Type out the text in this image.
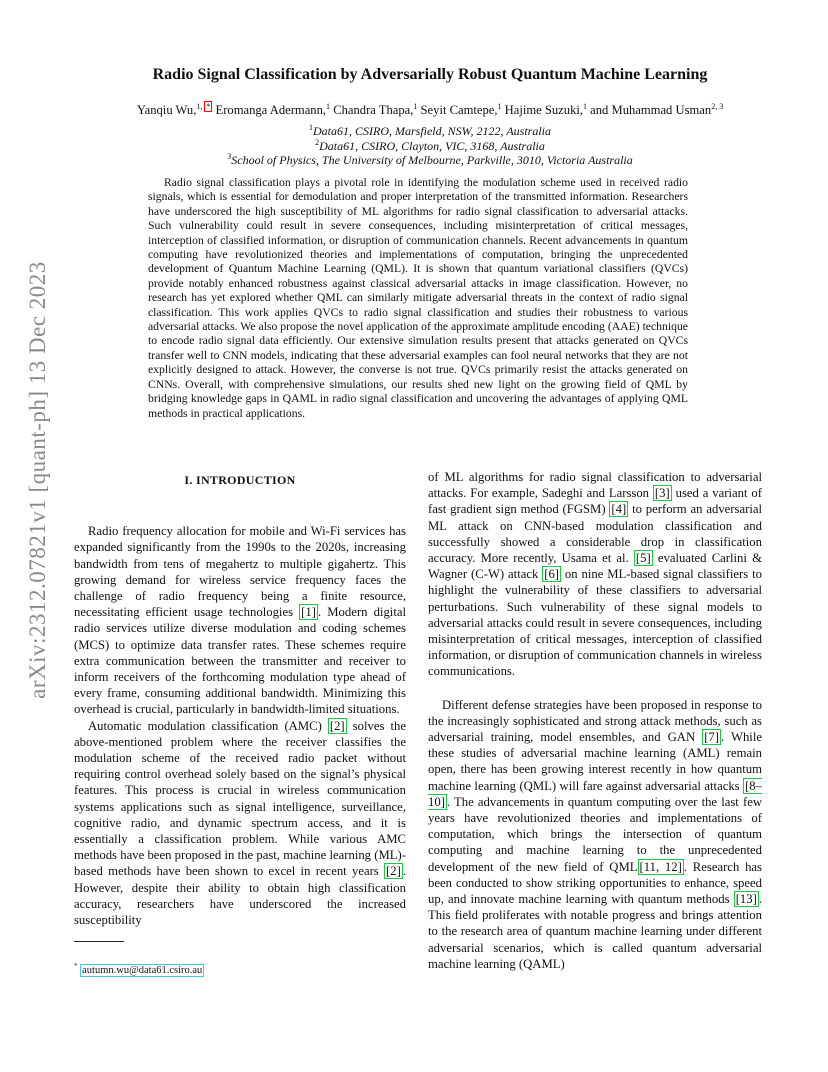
arXiv:2312.07821v1 [quant-ph] 13 Dec 2023
Radio Signal Classification by Adversarially Robust Quantum Machine Learning
Yanqiu Wu,$^{1, *}$ Eromanga Adermann,$^1$ Chandra Thapa,$^1$ Seyit Camtepe,$^1$ Hajime Suzuki,$^1$ and Muhammad Usman$^{2, 3}$
$^1$Data61, CSIRO, Marsfield, NSW, 2122, Australia
$^2$Data61, CSIRO, Clayton, VIC, 3168, Australia
$^3$School of Physics, The University of Melbourne, Parkville, 3010, Victoria Australia
Radio signal classification plays a pivotal role in identifying the modulation scheme used in received radio signals, which is essential for demodulation and proper interpretation of the transmitted information. Researchers have underscored the high susceptibility of ML algorithms for radio signal classification to adversarial attacks. Such vulnerability could result in severe consequences, including misinterpretation of critical messages, interception of classified information, or disruption of communication channels. Recent advancements in quantum computing have revolutionized theories and implementations of computation, bringing the unprecedented development of Quantum Machine Learning (QML). It is shown that quantum variational classifiers (QVCs) provide notably enhanced robustness against classical adversarial attacks in image classification. However, no research has yet explored whether QML can similarly mitigate adversarial threats in the context of radio signal classification. This work applies QVCs to radio signal classification and studies their robustness to various adversarial attacks. We also propose the novel application of the approximate amplitude encoding (AAE) technique to encode radio signal data efficiently. Our extensive simulation results present that attacks generated on QVCs transfer well to CNN models, indicating that these adversarial examples can fool neural networks that they are not explicitly designed to attack. However, the converse is not true. QVCs primarily resist the attacks generated on CNNs. Overall, with comprehensive simulations, our results shed new light on the growing field of QML by bridging knowledge gaps in QAML in radio signal classification and uncovering the advantages of applying QML methods in practical applications.
I. INTRODUCTION

Radio frequency allocation for mobile and Wi-Fi services has expanded significantly from the 1990s to the 2020s, increasing bandwidth from tens of megahertz to multiple gigahertz. This growing demand for wireless service frequency faces the challenge of radio frequency being a finite resource, necessitating efficient usage technologies [1] . Modern digital radio services utilize diverse modulation and coding schemes (MCS) to optimize data transfer rates. These schemes require extra communication between the transmitter and receiver to inform receivers of the forthcoming modulation type ahead of every frame, consuming additional bandwidth. Minimizing this overhead is crucial, particularly in bandwidth-limited situations.

Automatic modulation classification (AMC) [2] solves the above-mentioned problem where the receiver classifies the modulation scheme of the received radio packet without requiring control overhead solely based on the signal’s physical features. This process is crucial in wireless communication systems applications such as signal intelligence, surveillance, cognitive radio, and dynamic spectrum access, and it is essentially a classification problem. While various AMC methods have been proposed in the past, machine learning (ML)-based methods have been shown to excel in recent years [2] . However, despite their ability to obtain high classification accuracy, researchers have underscored the increased susceptibility

of ML algorithms for radio signal classification to adversarial attacks. For example, Sadeghi and Larsson [3] used a variant of fast gradient sign method (FGSM) [4] to perform an adversarial ML attack on CNN-based modulation classification and successfully showed a considerable drop in classification accuracy. More recently, Usama et al. [5] evaluated Carlini & Wagner (C-W) attack [6] on nine ML-based signal classifiers to highlight the vulnerability of these classifiers to adversarial perturbations. Such vulnerability of these signal models to adversarial attacks could result in severe consequences, including misinterpretation of critical messages, interception of classified information, or disruption of communication channels in wireless communications.

Different defense strategies have been proposed in response to the increasingly sophisticated and strong attack methods, such as adversarial training, model ensembles, and GAN [7] . While these studies of adversarial machine learning (AML) remain open, there has been growing interest recently in how quantum machine learning (QML) will fare against adversarial attacks [8–10] . The advancements in quantum computing over the last few years have revolutionized theories and implementations of computation, which brings the intersection of quantum computing and machine learning to the unprecedented development of the new field of QML [11, 12] . Research has been conducted to show striking opportunities to enhance, speed up, and innovate machine learning with quantum methods [13] . This field proliferates with notable progress and brings attention to the research area of quantum machine learning under different adversarial scenarios, which is called quantum adversarial machine learning (QAML)

* autumn.wu@data61.csiro.au
